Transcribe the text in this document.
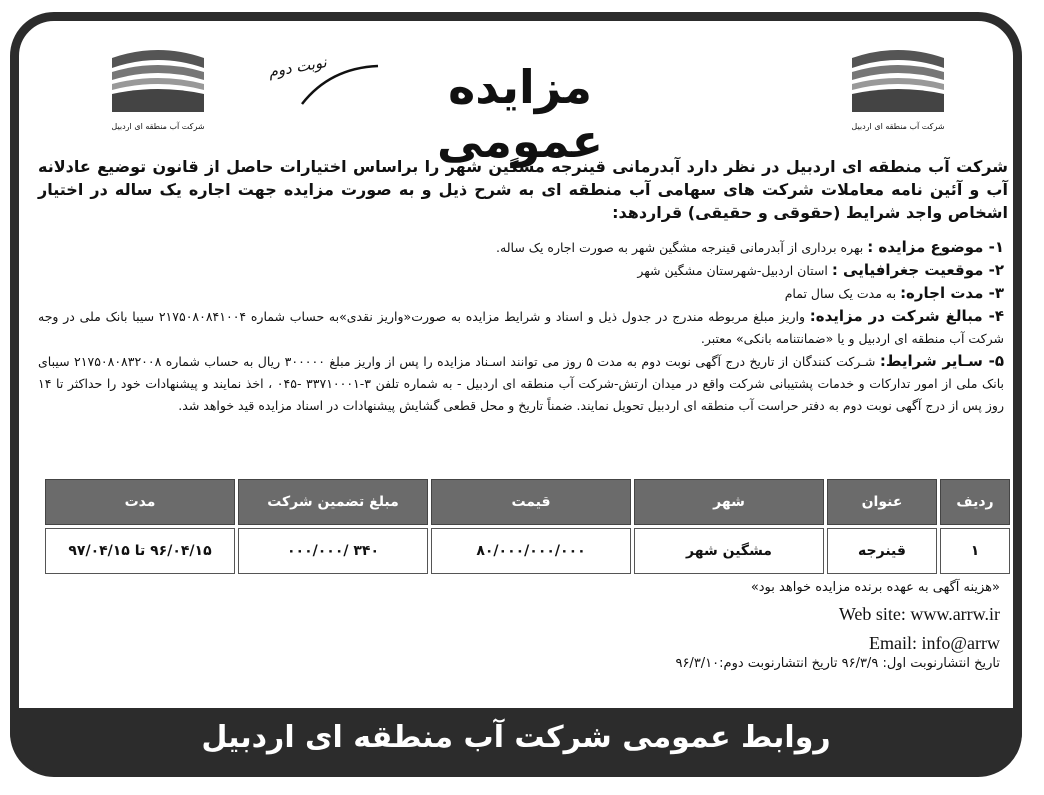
شرکت آب منطقه ای اردبیل
شرکت آب منطقه ای اردبیل
مزایده عمومی
نوبت دوم
شرکت آب منطقه ای اردبیل در نظر دارد آبدرمانی قینرجه مشگین شهر را براساس اختیارات حاصل از قانون توضیع عادلانه آب و آئین نامه معاملات شرکت های سهامی آب منطقه ای به شرح ذیل و به صورت مزایده جهت اجاره یک ساله در اختیار اشخاص واجد شرایط (حقوقی و حقیقی) قراردهد:
۱- موضوع مزایده : بهره برداری از آبدرمانی قینرجه مشگین شهر به صورت اجاره یک ساله.
۲- موقعیت جغرافیایی : استان اردبیل-شهرستان مشگین شهر
۳- مدت اجاره: به مدت یک سال تمام
۴- مبالغ شرکت در مزایده: واریز مبلغ مربوطه مندرج در جدول ذیل و اسناد و شرایط مزایده به صورت«واریز نقدی»به حساب شماره ۲۱۷۵۰۸۰۸۴۱۰۰۴ سیبا بانک ملی در وجه شرکت آب منطقه ای اردبیل و یا «ضمانتنامه بانکی» معتبر.
۵- سـایر شرایط: شـرکت کنندگان از تاریخ درج آگهی نوبت دوم به مدت ۵ روز می توانند اسـناد مزایده را پس از واریز مبلغ ۳۰۰۰۰۰ ریال به حساب شماره ۲۱۷۵۰۸۰۸۳۲۰۰۸ سیبای بانک ملی از امور تدارکات و خدمات پشتیبانی شرکت واقع در میدان ارتش-شرکت آب منطقه ای اردبیل - به شماره تلفن ۳-۳۳۷۱۰۰۰۱ -۰۴۵ ، اخذ نمایند و پیشنهادات خود را حداکثر تا ۱۴ روز پس از درج آگهی نوبت دوم به دفتر حراست آب منطقه ای اردبیل تحویل نمایند. ضمناً تاریخ و محل قطعی گشایش پیشنهادات در اسناد مزایده قید خواهد شد.
ردیف	عنوان	شهر	قیمت	مبلغ تضمین شرکت	مدت
۱	قینرجه	مشگین شهر	۸۰/۰۰۰/۰۰۰/۰۰۰	۳۴۰ /۰۰۰/۰۰۰	۹۶/۰۴/۱۵ تا ۹۷/۰۴/۱۵
«هزینه آگهی به عهده برنده مزایده خواهد بود»
Web site: www.arrw.ir
Email: info@arrw
تاریخ انتشارنوبت اول: ۹۶/۳/۹ تاریخ انتشارنوبت دوم:۹۶/۳/۱۰
روابط عمومی شرکت آب منطقه ای اردبیل
